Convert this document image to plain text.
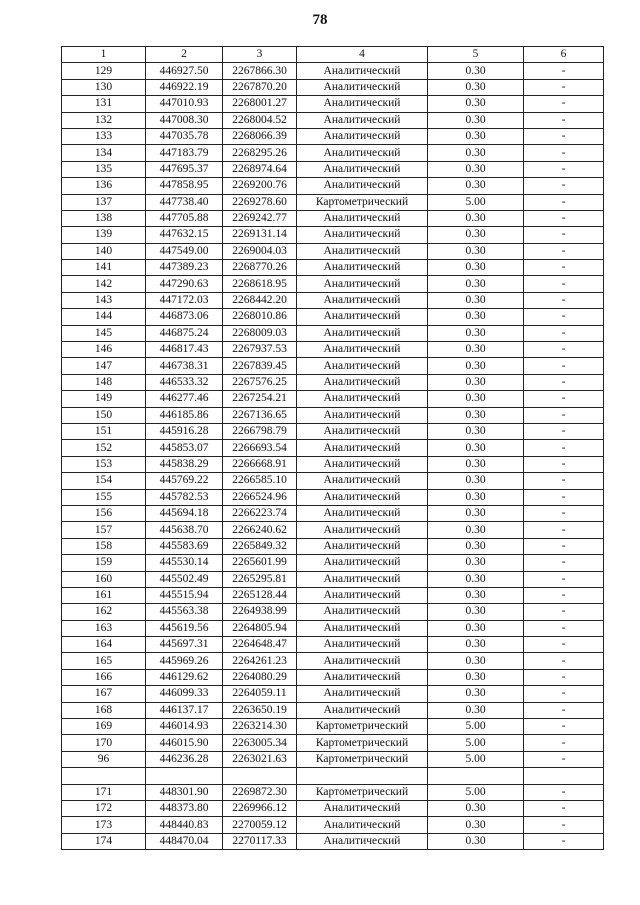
78
1	2	3	4	5	6
129	446927.50	2267866.30	Аналитический	0.30	-
130	446922.19	2267870.20	Аналитический	0.30	-
131	447010.93	2268001.27	Аналитический	0.30	-
132	447008.30	2268004.52	Аналитический	0.30	-
133	447035.78	2268066.39	Аналитический	0.30	-
134	447183.79	2268295.26	Аналитический	0.30	-
135	447695.37	2268974.64	Аналитический	0.30	-
136	447858.95	2269200.76	Аналитический	0.30	-
137	447738.40	2269278.60	Картометрический	5.00	-
138	447705.88	2269242.77	Аналитический	0.30	-
139	447632.15	2269131.14	Аналитический	0.30	-
140	447549.00	2269004.03	Аналитический	0.30	-
141	447389.23	2268770.26	Аналитический	0.30	-
142	447290.63	2268618.95	Аналитический	0.30	-
143	447172.03	2268442.20	Аналитический	0.30	-
144	446873.06	2268010.86	Аналитический	0.30	-
145	446875.24	2268009.03	Аналитический	0.30	-
146	446817.43	2267937.53	Аналитический	0.30	-
147	446738.31	2267839.45	Аналитический	0.30	-
148	446533.32	2267576.25	Аналитический	0.30	-
149	446277.46	2267254.21	Аналитический	0.30	-
150	446185.86	2267136.65	Аналитический	0.30	-
151	445916.28	2266798.79	Аналитический	0.30	-
152	445853.07	2266693.54	Аналитический	0.30	-
153	445838.29	2266668.91	Аналитический	0.30	-
154	445769.22	2266585.10	Аналитический	0.30	-
155	445782.53	2266524.96	Аналитический	0.30	-
156	445694.18	2266223.74	Аналитический	0.30	-
157	445638.70	2266240.62	Аналитический	0.30	-
158	445583.69	2265849.32	Аналитический	0.30	-
159	445530.14	2265601.99	Аналитический	0.30	-
160	445502.49	2265295.81	Аналитический	0.30	-
161	445515.94	2265128.44	Аналитический	0.30	-
162	445563.38	2264938.99	Аналитический	0.30	-
163	445619.56	2264805.94	Аналитический	0.30	-
164	445697.31	2264648.47	Аналитический	0.30	-
165	445969.26	2264261.23	Аналитический	0.30	-
166	446129.62	2264080.29	Аналитический	0.30	-
167	446099.33	2264059.11	Аналитический	0.30	-
168	446137.17	2263650.19	Аналитический	0.30	-
169	446014.93	2263214.30	Картометрический	5.00	-
170	446015.90	2263005.34	Картометрический	5.00	-
96	446236.28	2263021.63	Картометрический	5.00	-

171	448301.90	2269872.30	Картометрический	5.00	-
172	448373.80	2269966.12	Аналитический	0.30	-
173	448440.83	2270059.12	Аналитический	0.30	-
174	448470.04	2270117.33	Аналитический	0.30	-
